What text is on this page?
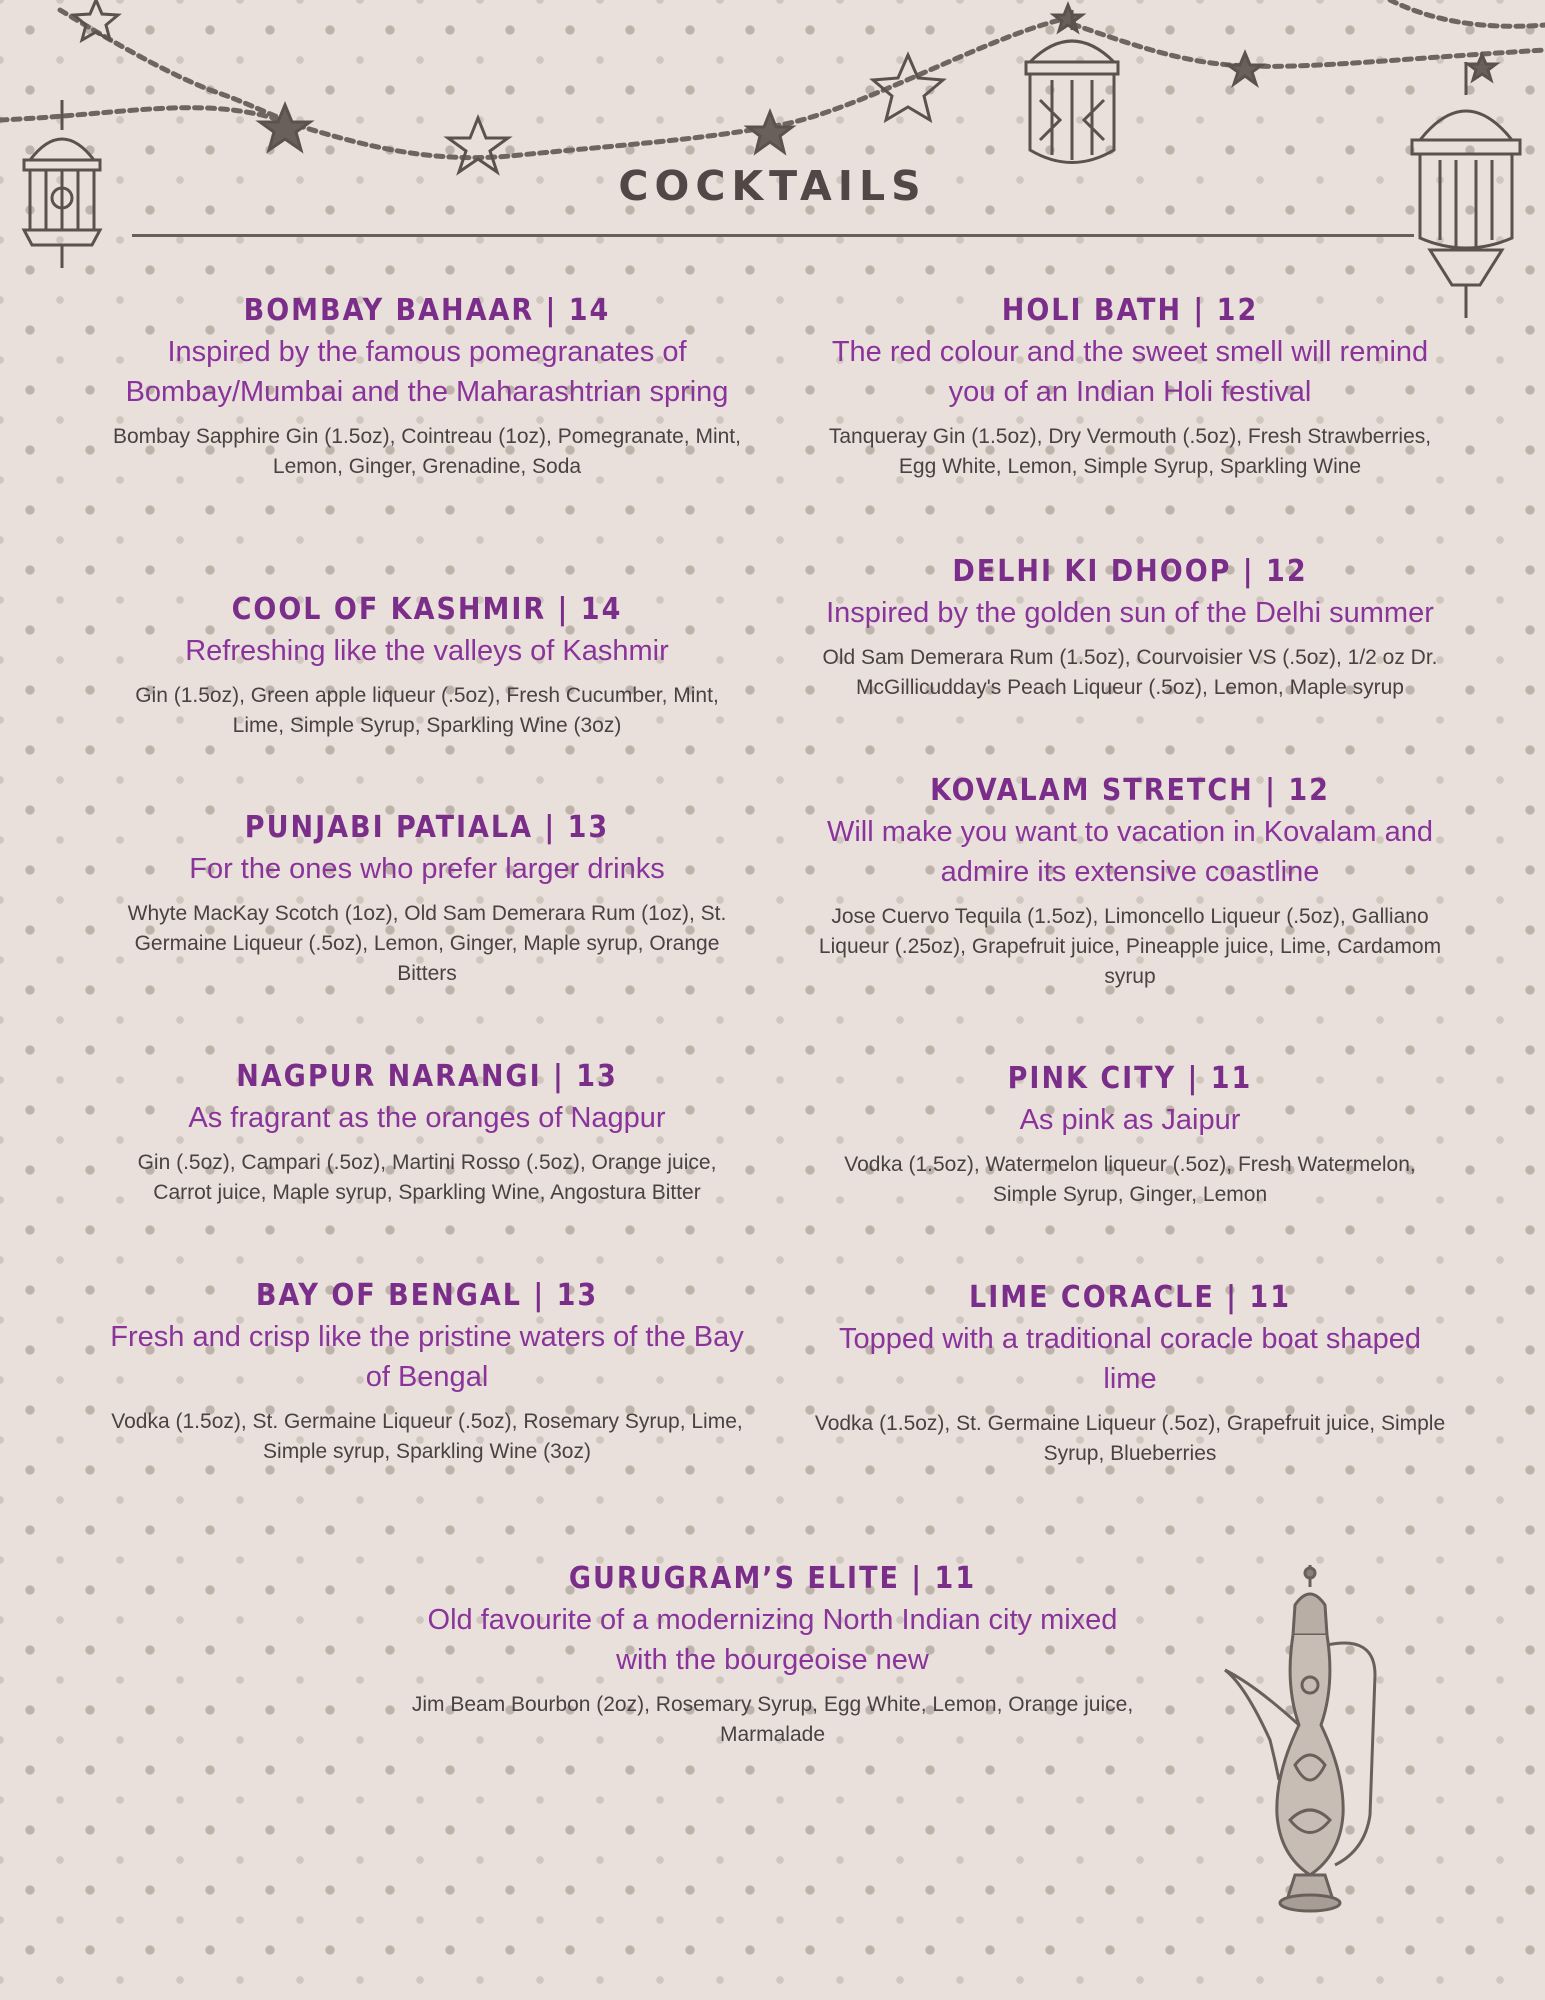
COCKTAILS
BOMBAY BAHAAR | 14
Inspired by the famous pomegranates of Bombay/Mumbai and the Maharashtrian spring
Bombay Sapphire Gin (1.5oz), Cointreau (1oz), Pomegranate, Mint, Lemon, Ginger, Grenadine, Soda
COOL OF KASHMIR | 14
Refreshing like the valleys of Kashmir
Gin (1.5oz), Green apple liqueur (.5oz), Fresh Cucumber, Mint, Lime, Simple Syrup, Sparkling Wine (3oz)
PUNJABI PATIALA | 13
For the ones who prefer larger drinks
Whyte MacKay Scotch (1oz), Old Sam Demerara Rum (1oz), St. Germaine Liqueur (.5oz), Lemon, Ginger, Maple syrup, Orange Bitters
NAGPUR NARANGI | 13
As fragrant as the oranges of Nagpur
Gin (.5oz), Campari (.5oz), Martini Rosso (.5oz), Orange juice, Carrot juice, Maple syrup, Sparkling Wine, Angostura Bitter
BAY OF BENGAL | 13
Fresh and crisp like the pristine waters of the Bay of Bengal
Vodka (1.5oz), St. Germaine Liqueur (.5oz), Rosemary Syrup, Lime, Simple syrup, Sparkling Wine (3oz)
HOLI BATH | 12
The red colour and the sweet smell will remind you of an Indian Holi festival
Tanqueray Gin (1.5oz), Dry Vermouth (.5oz), Fresh Strawberries, Egg White, Lemon, Simple Syrup, Sparkling Wine
DELHI KI DHOOP | 12
Inspired by the golden sun of the Delhi summer
Old Sam Demerara Rum (1.5oz), Courvoisier VS (.5oz), 1/2 oz Dr. McGillicudday's Peach Liqueur (.5oz), Lemon, Maple syrup
KOVALAM STRETCH | 12
Will make you want to vacation in Kovalam and admire its extensive coastline
Jose Cuervo Tequila (1.5oz), Limoncello Liqueur (.5oz), Galliano Liqueur (.25oz), Grapefruit juice, Pineapple juice, Lime, Cardamom syrup
PINK CITY | 11
As pink as Jaipur
Vodka (1.5oz), Watermelon liqueur (.5oz), Fresh Watermelon, Simple Syrup, Ginger, Lemon
LIME CORACLE | 11
Topped with a traditional coracle boat shaped lime
Vodka (1.5oz), St. Germaine Liqueur (.5oz), Grapefruit juice, Simple Syrup, Blueberries
GURUGRAM’S ELITE | 11
Old favourite of a modernizing North Indian city mixed with the bourgeoise new
Jim Beam Bourbon (2oz), Rosemary Syrup, Egg White, Lemon, Orange juice, Marmalade
